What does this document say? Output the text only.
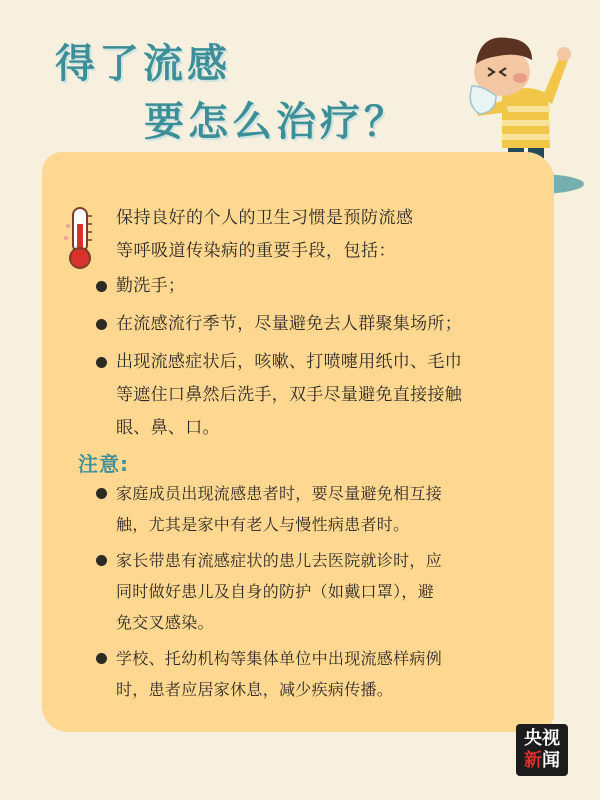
得了流感
要怎么治疗？
保持良好的个人的卫生习惯是预防流感
等呼吸道传染病的重要手段，包括：
勤洗手；
在流感流行季节，尽量避免去人群聚集场所；
出现流感症状后，咳嗽、打喷嚏用纸巾、毛巾
等遮住口鼻然后洗手，双手尽量避免直接接触
眼、鼻、口。
注意:
家庭成员出现流感患者时，要尽量避免相互接
触，尤其是家中有老人与慢性病患者时。
家长带患有流感症状的患儿去医院就诊时，应
同时做好患儿及自身的防护（如戴口罩），避
免交叉感染。
学校、托幼机构等集体单位中出现流感样病例
时，患者应居家休息，减少疾病传播。
央视
新闻
